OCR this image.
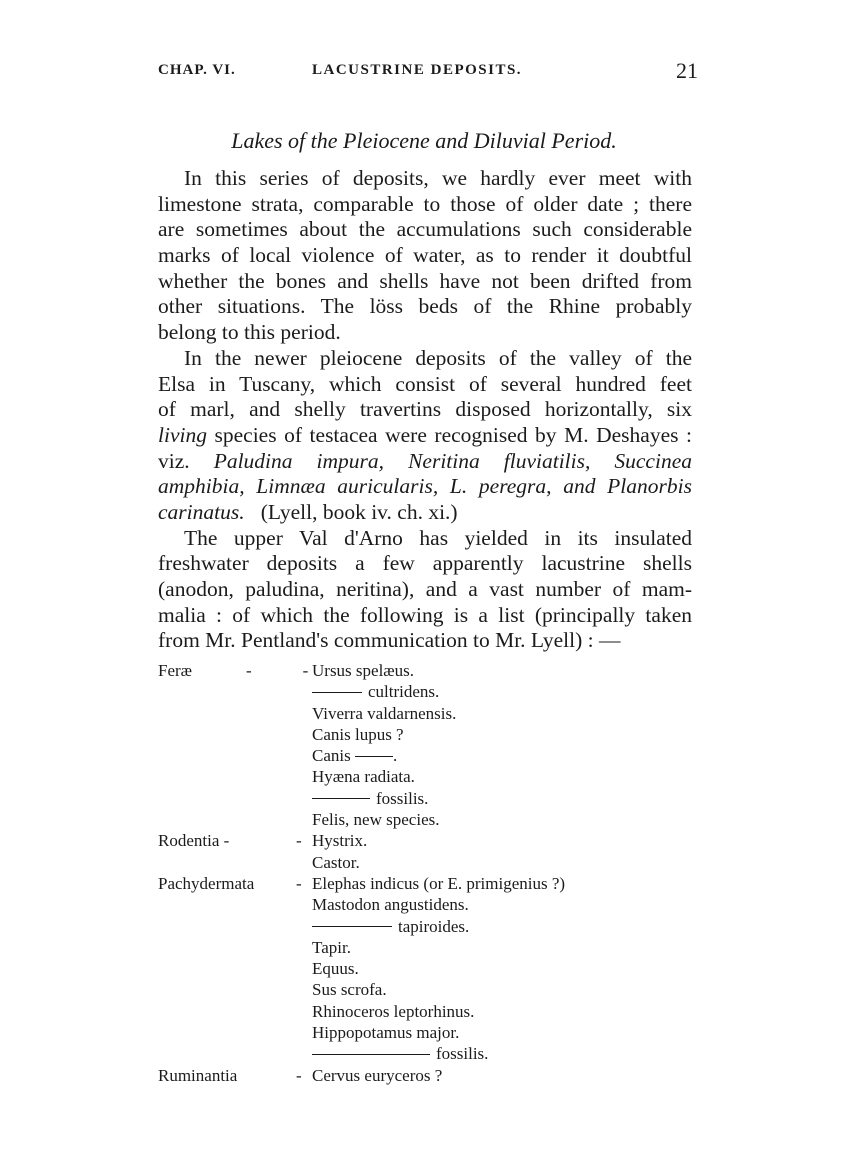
CHAP. VI.	LACUSTRINE DEPOSITS.	21
Lakes of the Pleiocene and Diluvial Period.
In this series of deposits, we hardly ever meet with
limestone strata, comparable to those of older date ; there
are sometimes about the accumulations such considerable
marks of local violence of water, as to render it doubtful
whether the bones and shells have not been drifted from
other situations. The löss beds of the Rhine probably
belong to this period.
In the newer pleiocene deposits of the valley of the
Elsa in Tuscany, which consist of several hundred feet
of marl, and shelly travertins disposed horizontally, six
living species of testacea were recognised by M. Deshayes :
viz. Paludina impura, Neritina fluviatilis, Succinea
amphibia, Limnæa auricularis, L. peregra, and Planorbis
carinatus. (Lyell, book iv. ch. xi.)
The upper Val d'Arno has yielded in its insulated
freshwater deposits a few apparently lacustrine shells
(anodon, paludina, neritina), and a vast number of mam-
malia : of which the following is a list (principally taken
from Mr. Pentland's communication to Mr. Lyell) : —
Feræ	-            - Ursus spelæus.
cultridens.
Viverra valdarnensis.
Canis lupus ?
Canis .
Hyæna radiata.
fossilis.
Felis, new species.
Rodentia -	- Hystrix.
Castor.
Pachydermata - Elephas indicus (or E. primigenius ?)
Mastodon angustidens.
tapiroides.
Tapir.
Equus.
Sus scrofa.
Rhinoceros leptorhinus.
Hippopotamus major.
fossilis.
Ruminantia	- Cervus euryceros ?
